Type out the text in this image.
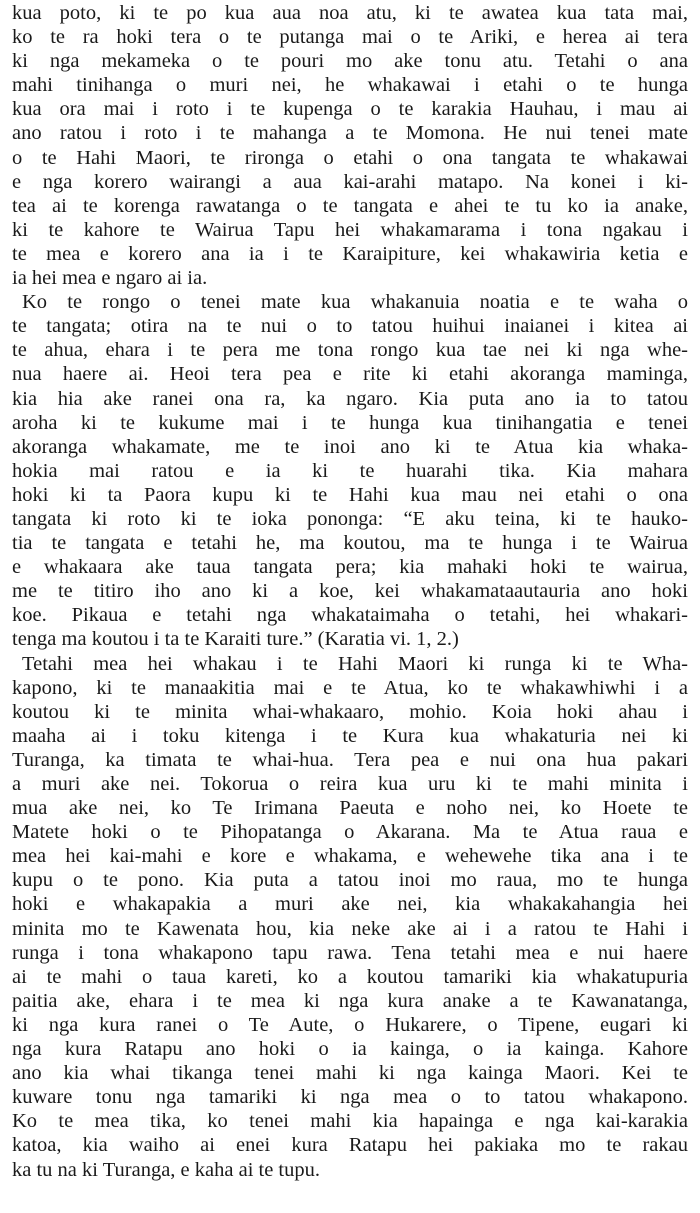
kua poto, ki te po kua aua noa atu, ki te awatea kua tata mai,
ko te ra hoki tera o te putanga mai o te Ariki, e herea ai tera
ki nga mekameka o te pouri mo ake tonu atu. Tetahi o ana
mahi tinihanga o muri nei, he whakawai i etahi o te hunga
kua ora mai i roto i te kupenga o te karakia Hauhau, i mau ai
ano ratou i roto i te mahanga a te Momona. He nui tenei mate
o te Hahi Maori, te rironga o etahi o ona tangata te whakawai
e nga korero wairangi a aua kai-arahi matapo. Na konei i ki-
tea ai te korenga rawatanga o te tangata e ahei te tu ko ia anake,
ki te kahore te Wairua Tapu hei whakamarama i tona ngakau i
te mea e korero ana ia i te Karaipiture, kei whakawiria ketia e
ia hei mea e ngaro ai ia.
Ko te rongo o tenei mate kua whakanuia noatia e te waha o
te tangata; otira na te nui o to tatou huihui inaianei i kitea ai
te ahua, ehara i te pera me tona rongo kua tae nei ki nga whe-
nua haere ai. Heoi tera pea e rite ki etahi akoranga maminga,
kia hia ake ranei ona ra, ka ngaro. Kia puta ano ia to tatou
aroha ki te kukume mai i te hunga kua tinihangatia e tenei
akoranga whakamate, me te inoi ano ki te Atua kia whaka-
hokia mai ratou e ia ki te huarahi tika. Kia mahara
hoki ki ta Paora kupu ki te Hahi kua mau nei etahi o ona
tangata ki roto ki te ioka pononga: “E aku teina, ki te hauko-
tia te tangata e tetahi he, ma koutou, ma te hunga i te Wairua
e whakaara ake taua tangata pera; kia mahaki hoki te wairua,
me te titiro iho ano ki a koe, kei whakamataautauria ano hoki
koe. Pikaua e tetahi nga whakataimaha o tetahi, hei whakari-
tenga ma koutou i ta te Karaiti ture.” (Karatia vi. 1, 2.)
Tetahi mea hei whakau i te Hahi Maori ki runga ki te Wha-
kapono, ki te manaakitia mai e te Atua, ko te whakawhiwhi i a
koutou ki te minita whai-whakaaro, mohio. Koia hoki ahau i
maaha ai i toku kitenga i te Kura kua whakaturia nei ki
Turanga, ka timata te whai-hua. Tera pea e nui ona hua pakari
a muri ake nei. Tokorua o reira kua uru ki te mahi minita i
mua ake nei, ko Te Irimana Paeuta e noho nei, ko Hoete te
Matete hoki o te Pihopatanga o Akarana. Ma te Atua raua e
mea hei kai-mahi e kore e whakama, e wehewehe tika ana i te
kupu o te pono. Kia puta a tatou inoi mo raua, mo te hunga
hoki e whakapakia a muri ake nei, kia whakakahangia hei
minita mo te Kawenata hou, kia neke ake ai i a ratou te Hahi i
runga i tona whakapono tapu rawa. Tena tetahi mea e nui haere
ai te mahi o taua kareti, ko a koutou tamariki kia whakatupuria
paitia ake, ehara i te mea ki nga kura anake a te Kawanatanga,
ki nga kura ranei o Te Aute, o Hukarere, o Tipene, eugari ki
nga kura Ratapu ano hoki o ia kainga, o ia kainga. Kahore
ano kia whai tikanga tenei mahi ki nga kainga Maori. Kei te
kuware tonu nga tamariki ki nga mea o to tatou whakapono.
Ko te mea tika, ko tenei mahi kia hapainga e nga kai-karakia
katoa, kia waiho ai enei kura Ratapu hei pakiaka mo te rakau
ka tu na ki Turanga, e kaha ai te tupu.
